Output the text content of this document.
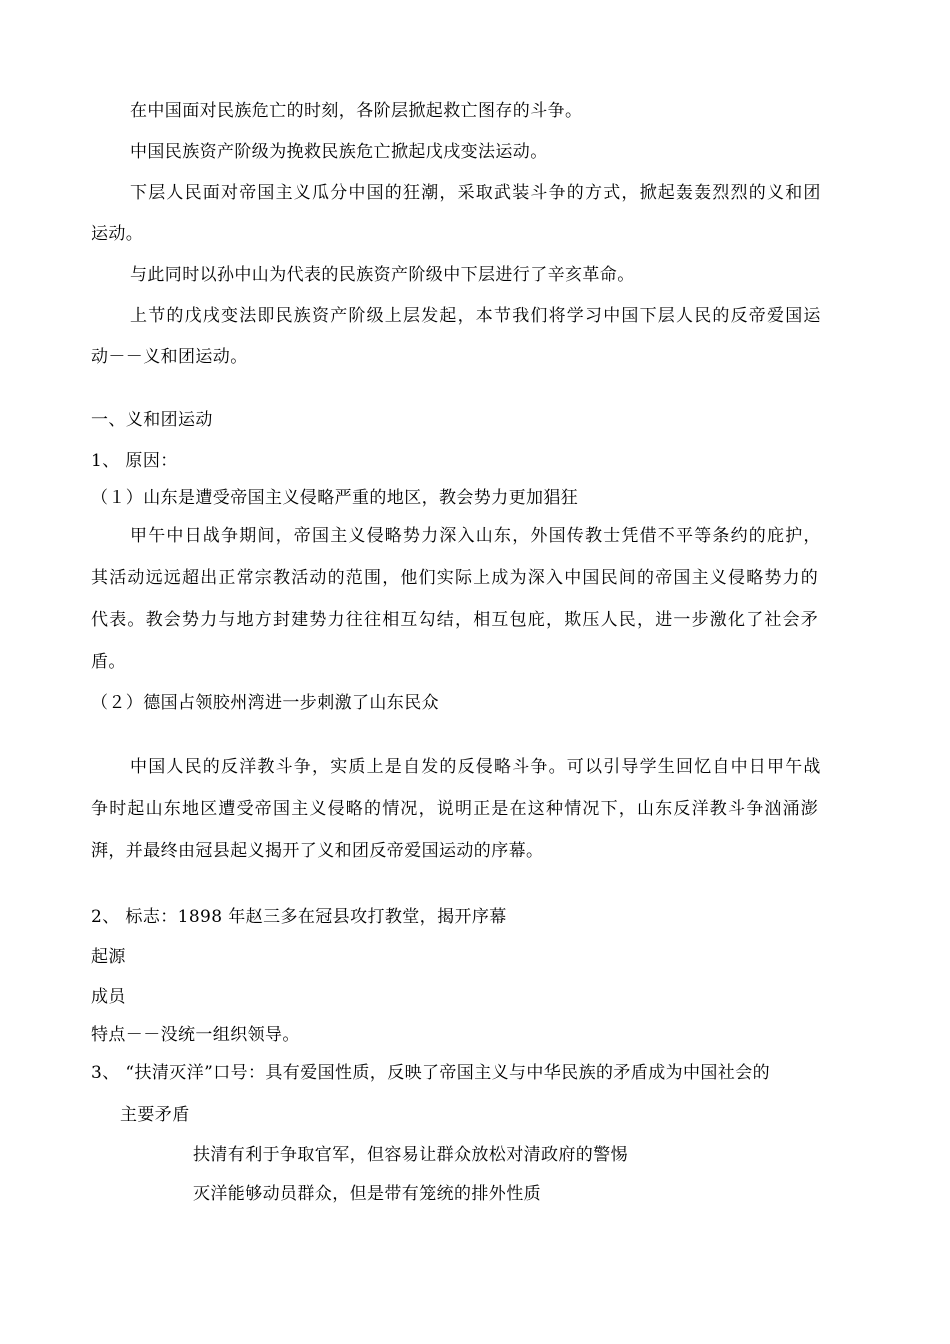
在中国面对民族危亡的时刻，各阶层掀起救亡图存的斗争。
中国民族资产阶级为挽救民族危亡掀起戊戌变法运动。
下层人民面对帝国主义瓜分中国的狂潮，采取武装斗争的方式，掀起轰轰烈烈的义和团
运动。
与此同时以孙中山为代表的民族资产阶级中下层进行了辛亥革命。
上节的戊戌变法即民族资产阶级上层发起，本节我们将学习中国下层人民的反帝爱国运
动－－义和团运动。
一、义和团运动
1、 原因：
（１）山东是遭受帝国主义侵略严重的地区，教会势力更加猖狂
甲午中日战争期间，帝国主义侵略势力深入山东，外国传教士凭借不平等条约的庇护，
其活动远远超出正常宗教活动的范围，他们实际上成为深入中国民间的帝国主义侵略势力的
代表。教会势力与地方封建势力往往相互勾结，相互包庇，欺压人民，进一步激化了社会矛
盾。
（２）德国占领胶州湾进一步刺激了山东民众
中国人民的反洋教斗争，实质上是自发的反侵略斗争。可以引导学生回忆自中日甲午战
争时起山东地区遭受帝国主义侵略的情况，说明正是在这种情况下，山东反洋教斗争汹涌澎
湃，并最终由冠县起义揭开了义和团反帝爱国运动的序幕。
2、 标志：1898 年赵三多在冠县攻打教堂，揭开序幕
起源
成员
特点－－没统一组织领导。
3、 “扶清灭洋”口号：具有爱国性质，反映了帝国主义与中华民族的矛盾成为中国社会的
主要矛盾
扶清有利于争取官军，但容易让群众放松对清政府的警惕
灭洋能够动员群众，但是带有笼统的排外性质
